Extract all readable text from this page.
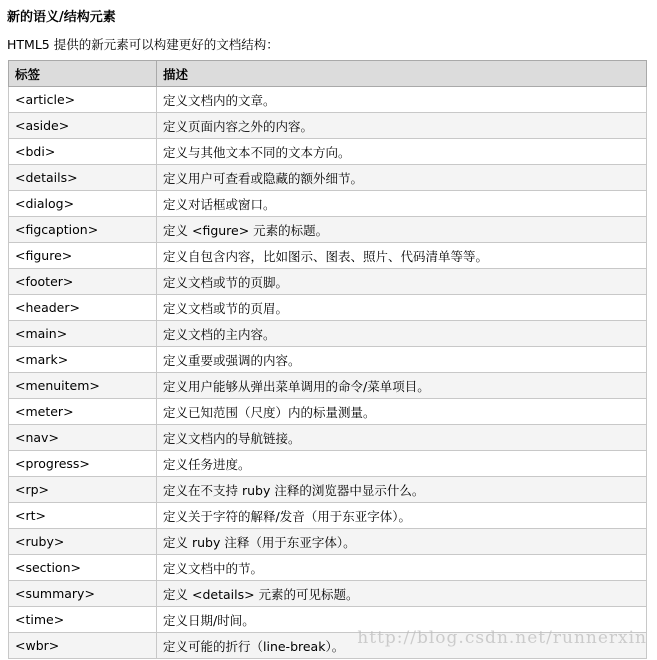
新的语义/结构元素
HTML5 提供的新元素可以构建更好的文档结构：
标签	描述
<article>	定义文档内的文章。
<aside>	定义页面内容之外的内容。
<bdi>	定义与其他文本不同的文本方向。
<details>	定义用户可查看或隐藏的额外细节。
<dialog>	定义对话框或窗口。
<figcaption>	定义 <figure> 元素的标题。
<figure>	定义自包含内容，比如图示、图表、照片、代码清单等等。
<footer>	定义文档或节的页脚。
<header>	定义文档或节的页眉。
<main>	定义文档的主内容。
<mark>	定义重要或强调的内容。
<menuitem>	定义用户能够从弹出菜单调用的命令/菜单项目。
<meter>	定义已知范围（尺度）内的标量测量。
<nav>	定义文档内的导航链接。
<progress>	定义任务进度。
<rp>	定义在不支持 ruby 注释的浏览器中显示什么。
<rt>	定义关于字符的解释/发音（用于东亚字体）。
<ruby>	定义 ruby 注释（用于东亚字体）。
<section>	定义文档中的节。
<summary>	定义 <details> 元素的可见标题。
<time>	定义日期/时间。
<wbr>	定义可能的折行（line-break）。 http://blog.csdn.net/runnerxin
